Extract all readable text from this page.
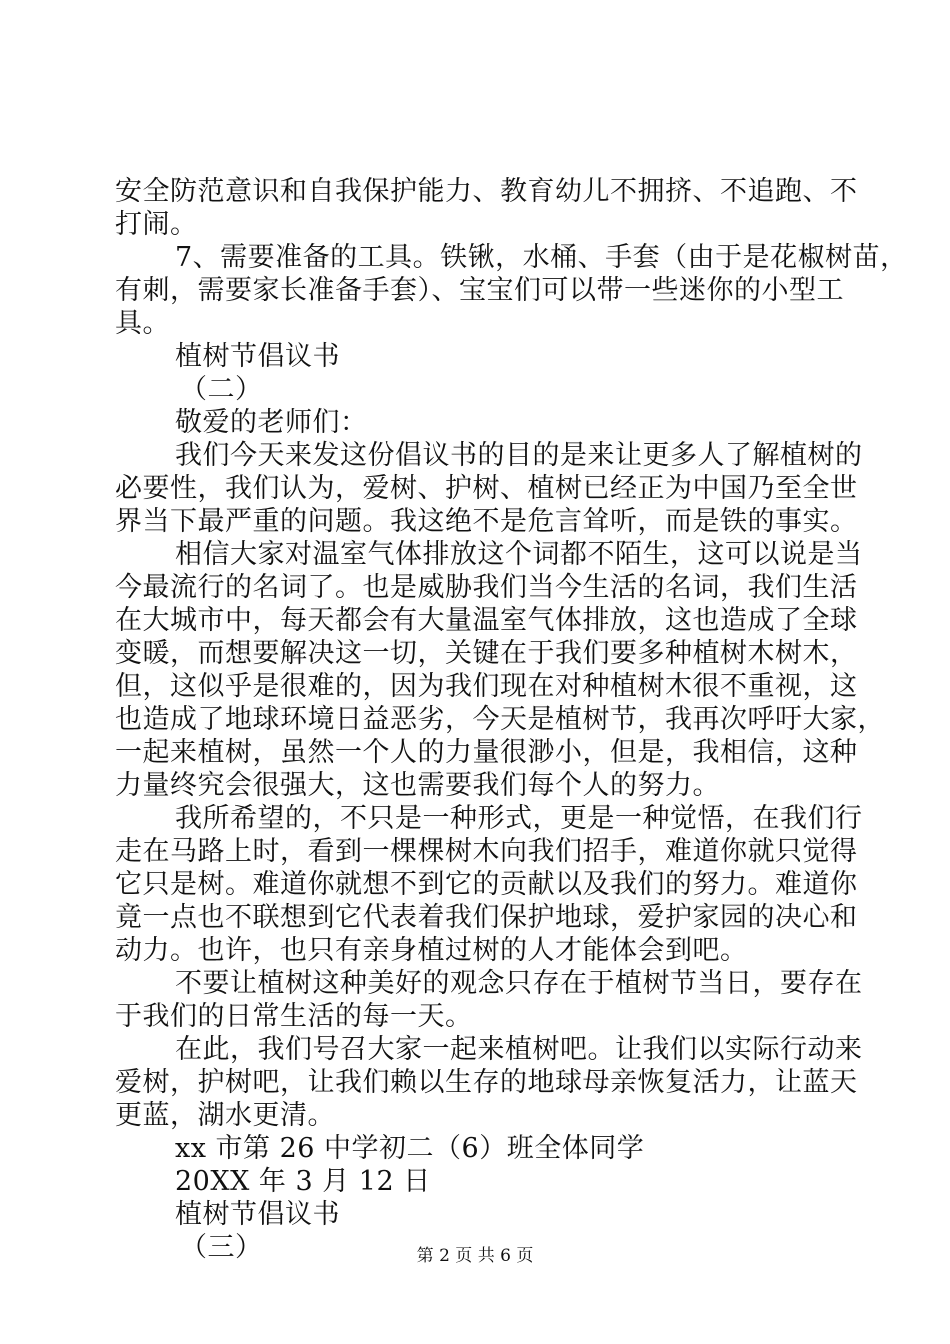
安全防范意识和自我保护能力、教育幼儿不拥挤、不追跑、不
打闹。
7、需要准备的工具。铁锹，水桶、手套（由于是花椒树苗，
有刺，需要家长准备手套）、宝宝们可以带一些迷你的小型工
具。
植树节倡议书
（二）
敬爱的老师们：
我们今天来发这份倡议书的目的是来让更多人了解植树的
必要性，我们认为，爱树、护树、植树已经正为中国乃至全世
界当下最严重的问题。我这绝不是危言耸听，而是铁的事实。
相信大家对温室气体排放这个词都不陌生，这可以说是当
今最流行的名词了。也是威胁我们当今生活的名词，我们生活
在大城市中，每天都会有大量温室气体排放，这也造成了全球
变暖，而想要解决这一切，关键在于我们要多种植树木树木，
但，这似乎是很难的，因为我们现在对种植树木很不重视，这
也造成了地球环境日益恶劣，今天是植树节，我再次呼吁大家，
一起来植树，虽然一个人的力量很渺小，但是，我相信，这种
力量终究会很强大，这也需要我们每个人的努力。
我所希望的，不只是一种形式，更是一种觉悟，在我们行
走在马路上时，看到一棵棵树木向我们招手，难道你就只觉得
它只是树。难道你就想不到它的贡献以及我们的努力。难道你
竟一点也不联想到它代表着我们保护地球，爱护家园的决心和
动力。也许，也只有亲身植过树的人才能体会到吧。
不要让植树这种美好的观念只存在于植树节当日，要存在
于我们的日常生活的每一天。
在此，我们号召大家一起来植树吧。让我们以实际行动来
爱树，护树吧，让我们赖以生存的地球母亲恢复活力，让蓝天
更蓝，湖水更清。
xx 市第 26 中学初二（6）班全体同学
20XX 年 3 月 12 日
植树节倡议书
（三）	第 2 页 共 6 页
